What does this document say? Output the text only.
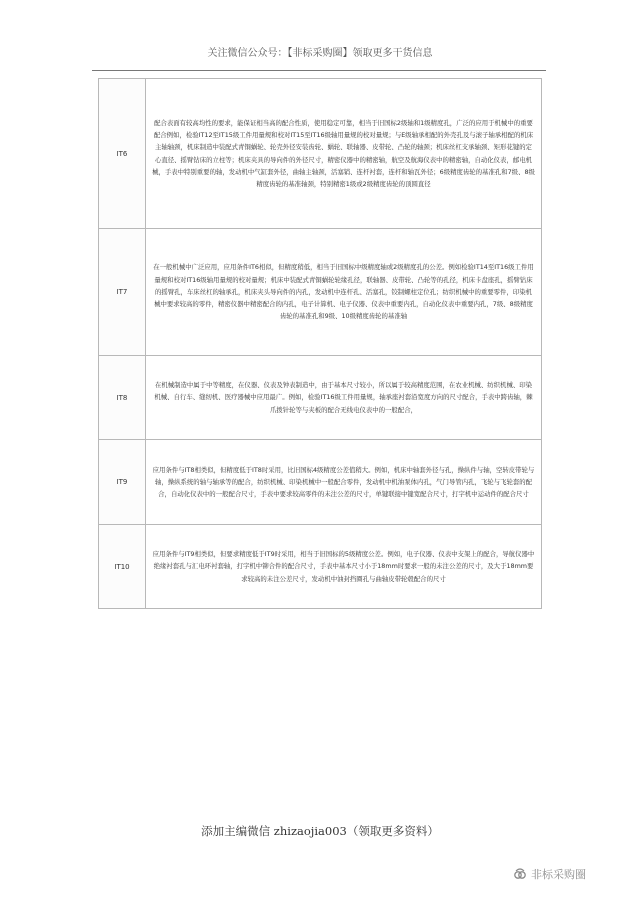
关注微信公众号：【非标采购圈】领取更多干货信息
IT6	配合表面有较高均性的要求，能保证相当高的配合性质，使用稳定可靠，相当于旧国标2级轴和1级精度孔，广泛的应用于机械中的重要配合例如，检验IT12至IT15级工件用量规和校对IT15至IT16级轴用量规的校对量规；与E级轴承相配的外壳孔及与滚子轴承相配的机床主轴轴颈，机床制造中装配式青铜蜗轮、轮壳外径安装齿轮、蜗轮、联轴器、皮带轮、凸轮的轴颈；机床丝杠支承轴颈、矩形花键的定心直径、摇臂钻床的立柱等；机床夹具的导向件的外径尺寸，精密仪器中的精密轴，航空及航海仪表中的精密轴，自动化仪表，邮电机械，手表中特别重要的轴，发动机中气缸套外径，曲轴主轴颈，活塞销、连杆衬套，连杆和轴瓦外径；6级精度齿轮的基准孔和7级、8级精度齿轮的基准轴颈，特别精密1级或2级精度齿轮的顶圆直径
IT7	在一般机械中广泛应用，应用条件IT6相似，但精度稍低，相当于旧国标中级精度轴或2级精度孔的公差。例如检验IT14至IT16级工件用量规和校对IT16级轴用量规的校对量规；机床中装配式青铜蜗轮轮缘孔径，联轴器、皮带轮、凸轮等的孔径，机床卡盘座孔，摇臂钻床的摇臂孔，车床丝杠的轴承孔，机床夹头导向件的内孔，发动机中连杆孔、活塞孔，铰制螺柱定位孔；纺织机械中的重要零件，印染机械中要求较高的零件，精密仪器中精密配合的内孔，电子计算机、电子仪器、仪表中重要内孔，自动化仪表中重要内孔，7级、8级精度齿轮的基准孔和9级、10级精度齿轮的基准轴
IT8	在机械制造中属于中等精度，在仪器、仪表及钟表制造中，由于基本尺寸较小，所以属于较高精度范围，在农业机械、纺织机械、印染机械、自行车、缝纫机、医疗器械中应用最广。例如，检验IT16级工件用量规，轴承座衬套沿宽度方向的尺寸配合，手表中跨齿轴，棘爪拨针轮等与夹板的配合无线电仪表中的一般配合，
IT9	应用条件与IT8相类似，但精度低于IT8时采用，比旧国标4级精度公差值稍大。例如，机床中轴套外径与孔，操纵件与轴，空转皮带轮与轴，操纵系统的轴与轴承等的配合，纺织机械、印染机械中一般配合零件，发动机中机油泵体内孔，气门导管内孔，飞轮与飞轮套的配合，自动化仪表中的一般配合尺寸，手表中要求较高零件的未注公差的尺寸，单键联接中键宽配合尺寸，打字机中运动件的配合尺寸
IT10	应用条件与IT9相类似，但要求精度低于IT9时采用，相当于旧国标的5级精度公差。例如，电子仪器、仪表中支架上的配合，导航仪器中绝缘衬套孔与汇电环衬套轴，打字机中铆合件的配合尺寸，手表中基本尺寸小于18mm时要求一般的未注公差的尺寸，及大于18mm要求较高的未注公差尺寸，发动机中油封挡圈孔与曲轴皮带轮毂配合的尺寸
添加主编微信 zhizaojia003（领取更多资料）
非标采购圈
